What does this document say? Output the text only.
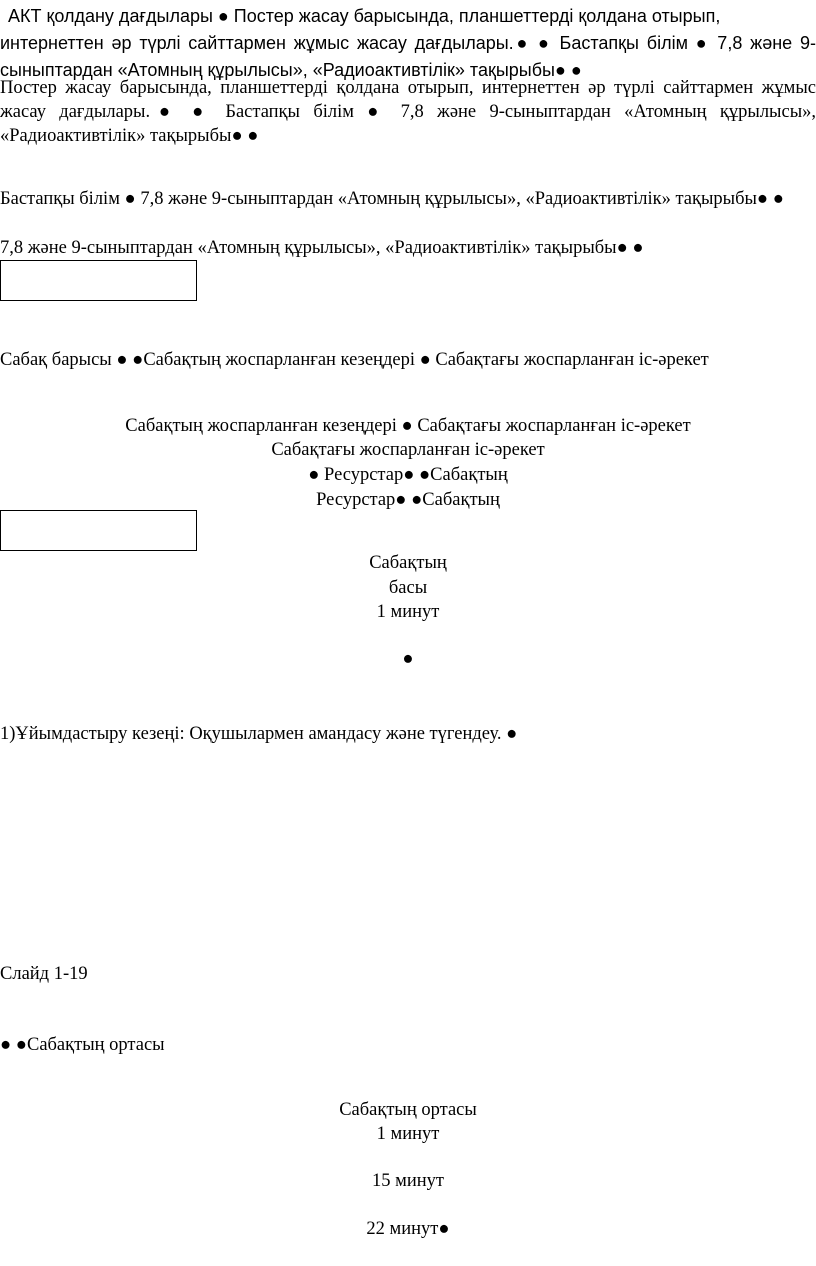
АКТ қолдану дағдылары ● Постер жасау барысында, планшеттерді қолдана отырып,
интернеттен әр түрлі сайттармен жұмыс жасау дағдылары.● ● Бастапқы білім ● 7,8 және 9-
сыныптардан «Атомның құрылысы», «Радиоактивтілік» тақырыбы● ●
Постер жасау барысында, планшеттерді қолдана отырып, интернеттен әр түрлі сайттармен жұмыс жасау дағдылары.● ● Бастапқы білім ● 7,8 және 9-сыныптардан «Атомның құрылысы», «Радиоактивтілік» тақырыбы● ●
Бастапқы білім ● 7,8 және 9-сыныптардан «Атомның құрылысы», «Радиоактивтілік» тақырыбы● ●
7,8 және 9-сыныптардан «Атомның құрылысы», «Радиоактивтілік» тақырыбы● ●
Сабақ барысы ● ●Сабақтың жоспарланған кезеңдері ● Сабақтағы жоспарланған іс-әрекет
Сабақтың жоспарланған кезеңдері ● Сабақтағы жоспарланған іс-әрекет
Сабақтағы жоспарланған іс-әрекет
● Ресурстар● ●Сабақтың
Ресурстар● ●Сабақтың
Сабақтың
басы
1 минут
●
1)Ұйымдастыру кезеңі: Оқушылармен амандасу және түгендеу. ●
Слайд 1-19
● ●Сабақтың ортасы
Сабақтың ортасы
1 минут
15 минут
22 минут●
